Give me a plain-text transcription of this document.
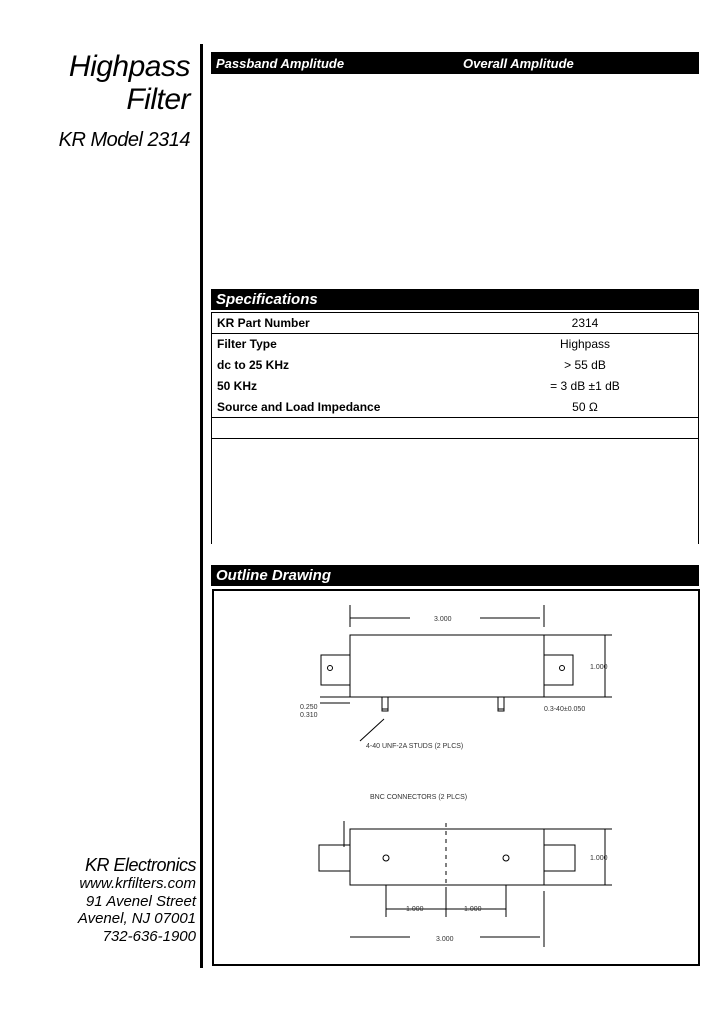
Highpass
Filter
KR Model 2314
Passband Amplitude	Overall Amplitude
Specifications
KR Part Number	2314
Filter Type	Highpass
dc to 25 KHz	> 55 dB
50 KHz	= 3 dB ±1 dB
Source and Load Impedance	50 Ω

Outline Drawing
3.000
1.000
0.250
0.310
0.3-40±0.050
4-40 UNF-2A STUDS (2 PLCS)
BNC CONNECTORS (2 PLCS)
1.000
1.000	1.000
3.000
KR Electronics
www.krfilters.com
91 Avenel Street
Avenel, NJ 07001
732-636-1900
